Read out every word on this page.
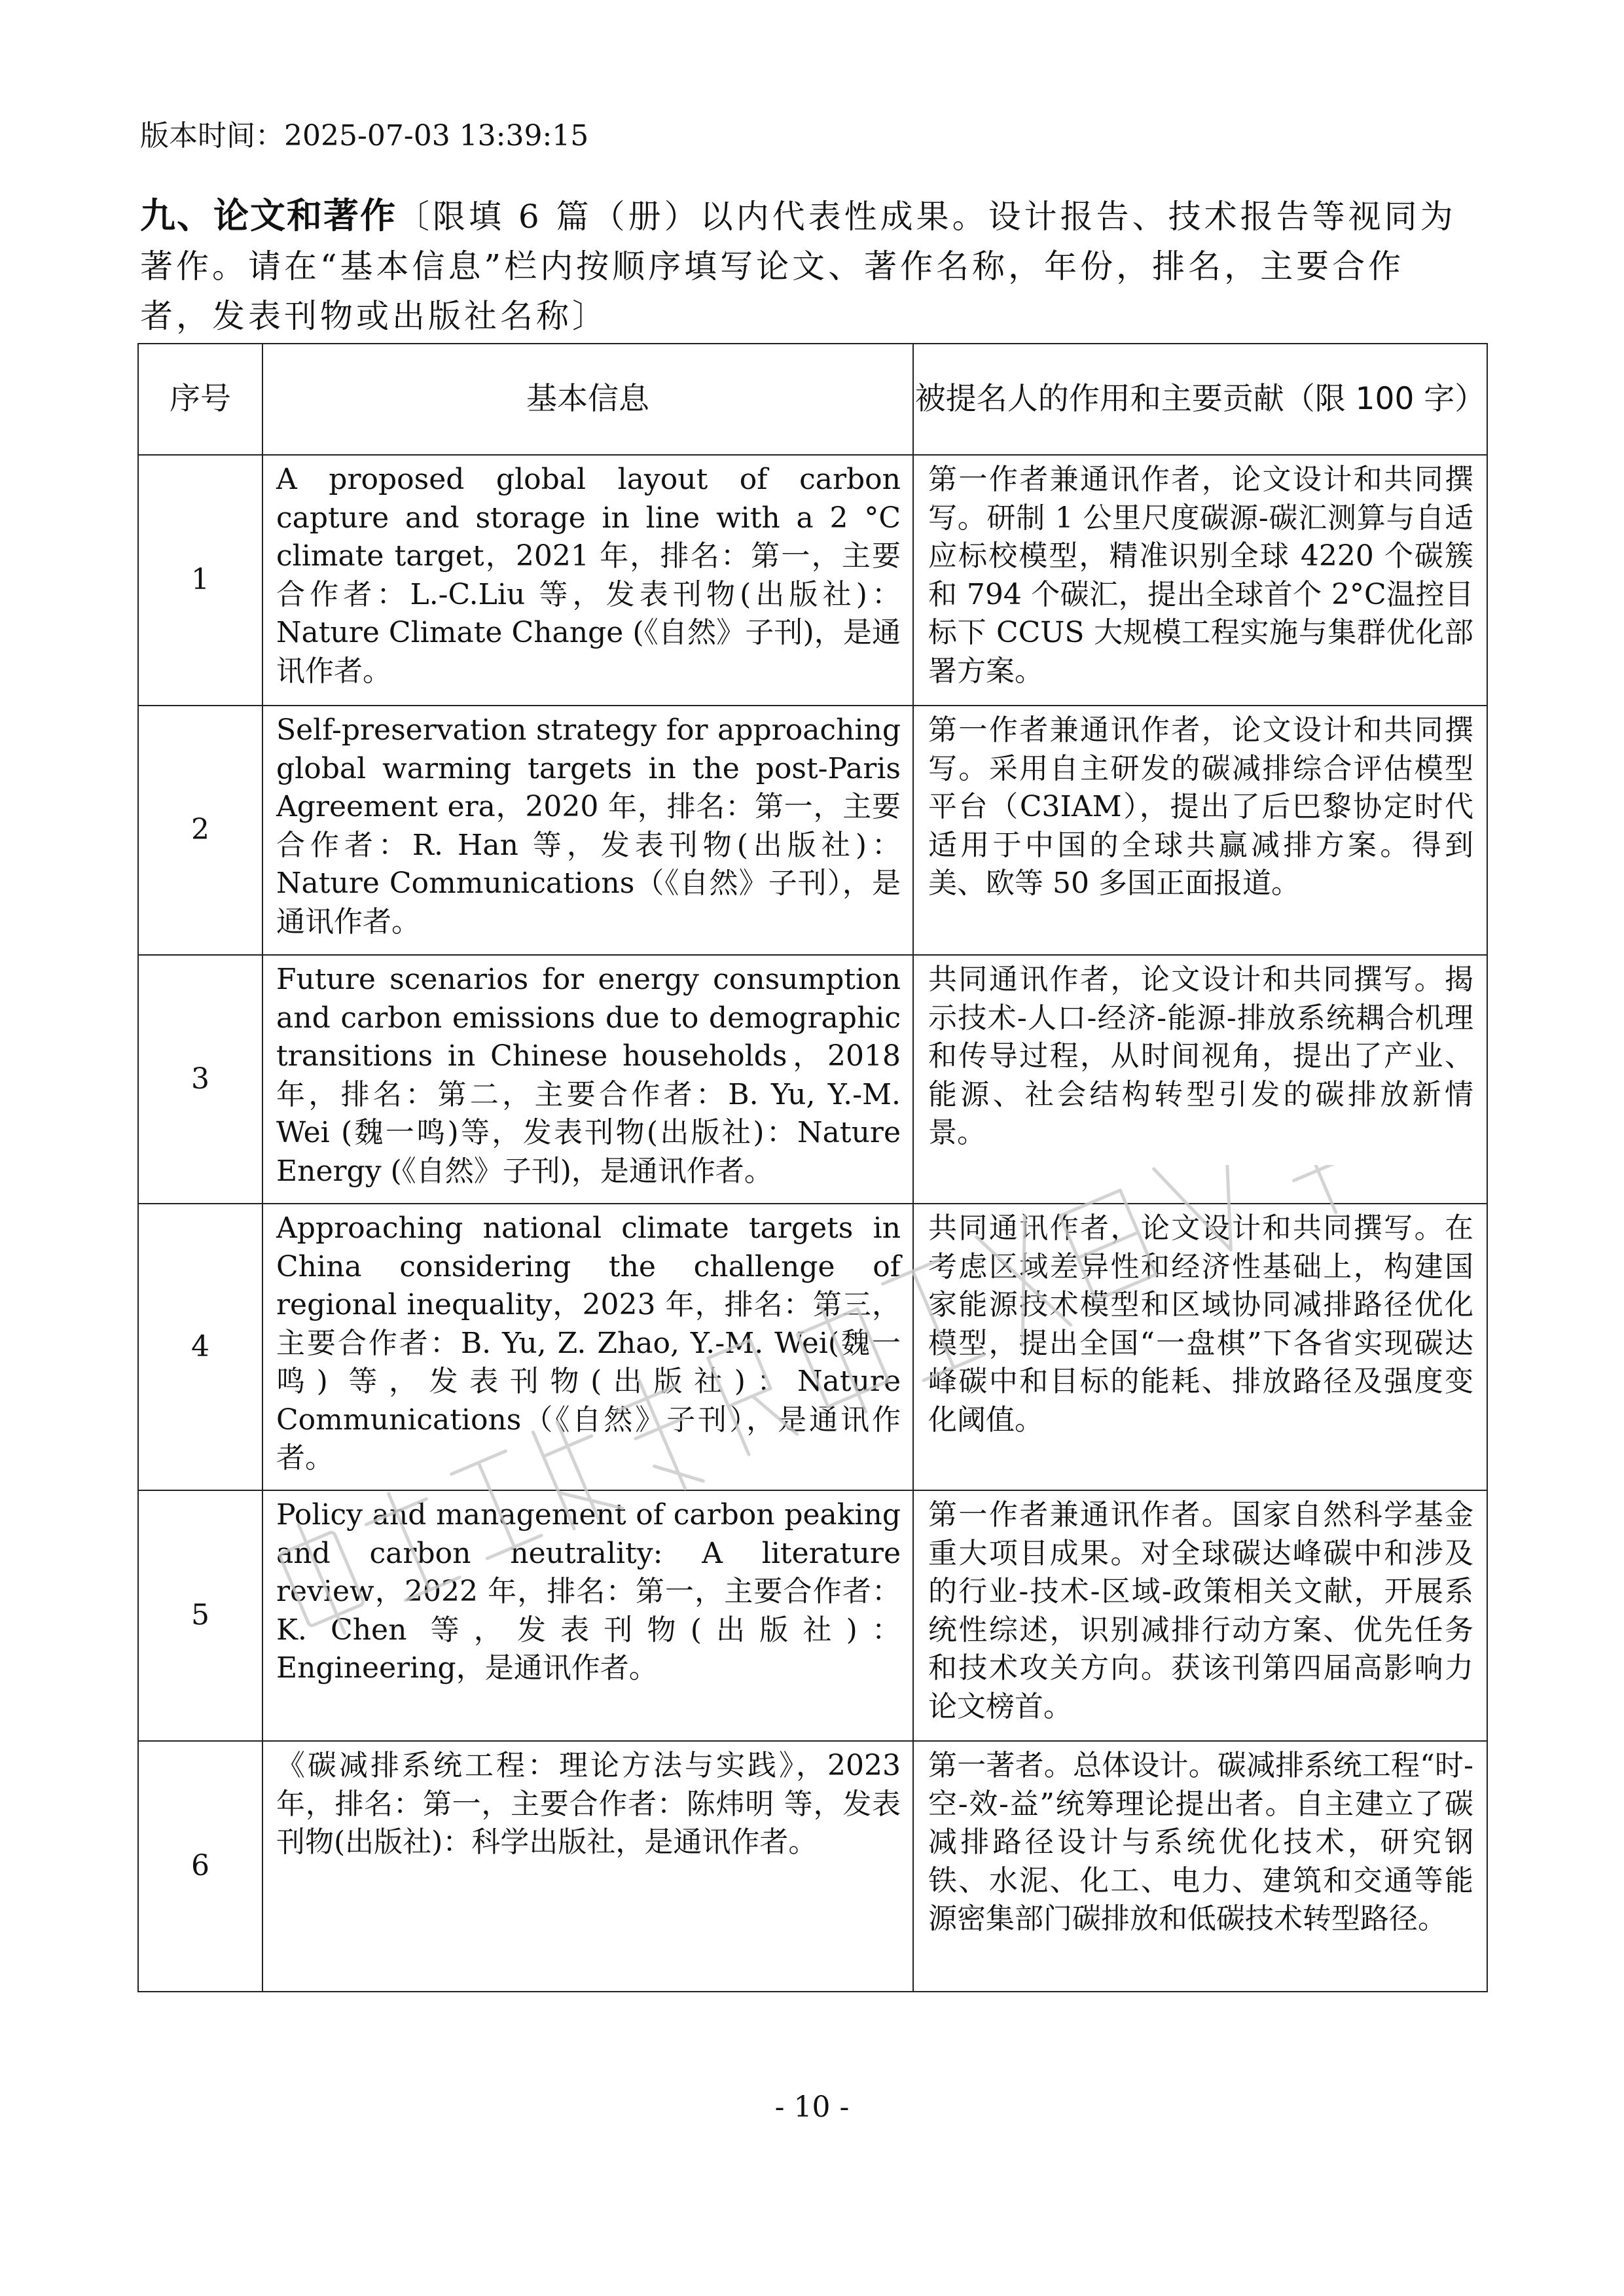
版本时间：2025-07-03 13:39:15
九、论文和著作〔限填 6 篇（册）以内代表性成果。设计报告、技术报告等视同为著作。请在“基本信息”栏内按顺序填写论文、著作名称，年份，排名，主要合作者，发表刊物或出版社名称〕
序号	基本信息	被提名人的作用和主要贡献（限 100 字）
1	A proposed global layout of carbon capture and storage in line with a 2 °C climate target，2021 年，排名：第一，主要合作者：L.-C.Liu 等，发表刊物(出版社)：Nature Climate Change (《自然》子刊)，是通讯作者。	第一作者兼通讯作者，论文设计和共同撰写。研制 1 公里尺度碳源-碳汇测算与自适应标校模型，精准识别全球 4220 个碳簇和 794 个碳汇，提出全球首个 2°C温控目标下 CCUS 大规模工程实施与集群优化部署方案。
2	Self-preservation strategy for approaching global warming targets in the post-Paris Agreement era，2020 年，排名：第一，主要合作者：R. Han 等，发表刊物(出版社)：Nature Communications（《自然》子刊），是通讯作者。	第一作者兼通讯作者，论文设计和共同撰写。采用自主研发的碳减排综合评估模型平台（C3IAM），提出了后巴黎协定时代适用于中国的全球共赢减排方案。得到美、欧等 50 多国正面报道。
3	Future scenarios for energy consumption and carbon emissions due to demographic transitions in Chinese households，2018 年，排名：第二，主要合作者：B. Yu, Y.-M. Wei (魏一鸣)等，发表刊物(出版社)：Nature Energy (《自然》子刊)，是通讯作者。	共同通讯作者，论文设计和共同撰写。揭示技术-人口-经济-能源-排放系统耦合机理和传导过程，从时间视角，提出了产业、能源、社会结构转型引发的碳排放新情景。
4	Approaching national climate targets in China considering the challenge of regional inequality，2023 年，排名：第三，主要合作者：B. Yu, Z. Zhao, Y.-M. Wei(魏一鸣) 等，发表刊物(出版社)：Nature Communications（《自然》子刊），是通讯作者。	共同通讯作者，论文设计和共同撰写。在考虑区域差异性和经济性基础上，构建国家能源技术模型和区域协同减排路径优化模型，提出全国“一盘棋”下各省实现碳达峰碳中和目标的能耗、排放路径及强度变化阈值。
5	Policy and management of carbon peaking and carbon neutrality: A literature review，2022 年，排名：第一，主要合作者：K. Chen 等，发表刊物(出版社)：Engineering，是通讯作者。	第一作者兼通讯作者。国家自然科学基金重大项目成果。对全球碳达峰碳中和涉及的行业-技术-区域-政策相关文献，开展系统性综述，识别减排行动方案、优先任务和技术攻关方向。获该刊第四届高影响力论文榜首。
6	《碳减排系统工程：理论方法与实践》，2023 年，排名：第一，主要合作者：陈炜明 等，发表刊物(出版社)：科学出版社，是通讯作者。	第一著者。总体设计。碳减排系统工程“时-空-效-益”统筹理论提出者。自主建立了碳减排路径设计与系统优化技术，研究钢铁、水泥、化工、电力、建筑和交通等能源密集部门碳排放和低碳技术转型路径。
- 10 -
